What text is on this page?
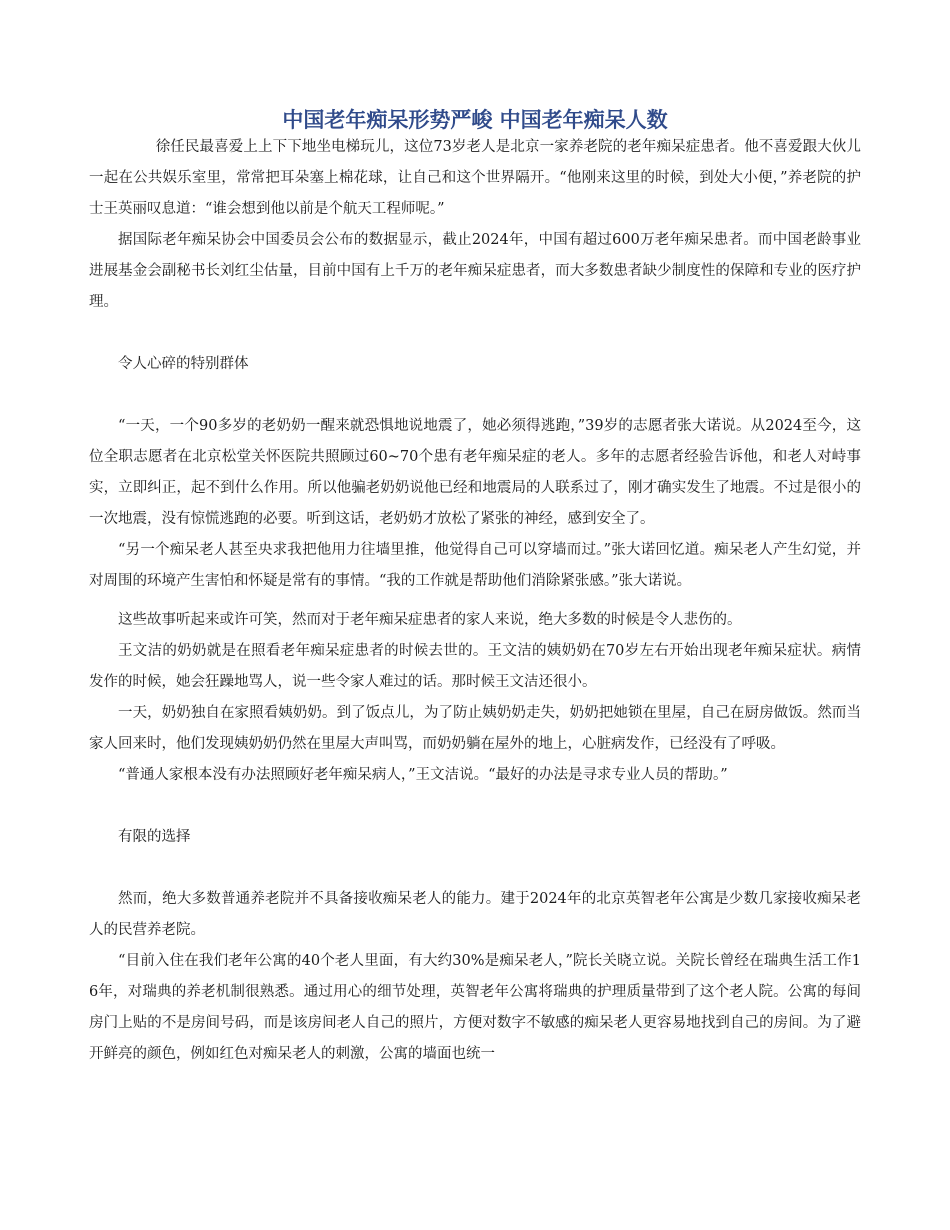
中国老年痴呆形势严峻 中国老年痴呆人数

徐任民最喜爱上上下下地坐电梯玩儿，这位73岁老人是北京一家养老院的老年痴呆症患者。他不喜爱跟大伙儿一起在公共娱乐室里，常常把耳朵塞上棉花球，让自己和这个世界隔开。“他刚来这里的时候，到处大小便，”养老院的护士王英丽叹息道：“谁会想到他以前是个航天工程师呢。”

据国际老年痴呆协会中国委员会公布的数据显示，截止2024年，中国有超过600万老年痴呆患者。而中国老龄事业进展基金会副秘书长刘红尘估量，目前中国有上千万的老年痴呆症患者，而大多数患者缺少制度性的保障和专业的医疗护理。

令人心碎的特别群体

“一天，一个90多岁的老奶奶一醒来就恐惧地说地震了，她必须得逃跑，”39岁的志愿者张大诺说。从2024至今，这位全职志愿者在北京松堂关怀医院共照顾过60~70个患有老年痴呆症的老人。多年的志愿者经验告诉他，和老人对峙事实，立即纠正，起不到什么作用。所以他骗老奶奶说他已经和地震局的人联系过了，刚才确实发生了地震。不过是很小的一次地震，没有惊慌逃跑的必要。听到这话，老奶奶才放松了紧张的神经，感到安全了。

“另一个痴呆老人甚至央求我把他用力往墙里推，他觉得自己可以穿墙而过。”张大诺回忆道。痴呆老人产生幻觉，并对周围的环境产生害怕和怀疑是常有的事情。“我的工作就是帮助他们消除紧张感。”张大诺说。

这些故事听起来或许可笑，然而对于老年痴呆症患者的家人来说，绝大多数的时候是令人悲伤的。

王文洁的奶奶就是在照看老年痴呆症患者的时候去世的。王文洁的姨奶奶在70岁左右开始出现老年痴呆症状。病情发作的时候，她会狂躁地骂人，说一些令家人难过的话。那时候王文洁还很小。

一天，奶奶独自在家照看姨奶奶。到了饭点儿，为了防止姨奶奶走失，奶奶把她锁在里屋，自己在厨房做饭。然而当家人回来时，他们发现姨奶奶仍然在里屋大声叫骂，而奶奶躺在屋外的地上，心脏病发作，已经没有了呼吸。

“普通人家根本没有办法照顾好老年痴呆病人，”王文洁说。“最好的办法是寻求专业人员的帮助。”

有限的选择

然而，绝大多数普通养老院并不具备接收痴呆老人的能力。建于2024年的北京英智老年公寓是少数几家接收痴呆老人的民营养老院。

“目前入住在我们老年公寓的40个老人里面，有大约30%是痴呆老人，”院长关晓立说。关院长曾经在瑞典生活工作16年，对瑞典的养老机制很熟悉。通过用心的细节处理，英智老年公寓将瑞典的护理质量带到了这个老人院。公寓的每间房门上贴的不是房间号码，而是该房间老人自己的照片，方便对数字不敏感的痴呆老人更容易地找到自己的房间。为了避开鲜亮的颜色，例如红色对痴呆老人的刺激，公寓的墙面也统一
